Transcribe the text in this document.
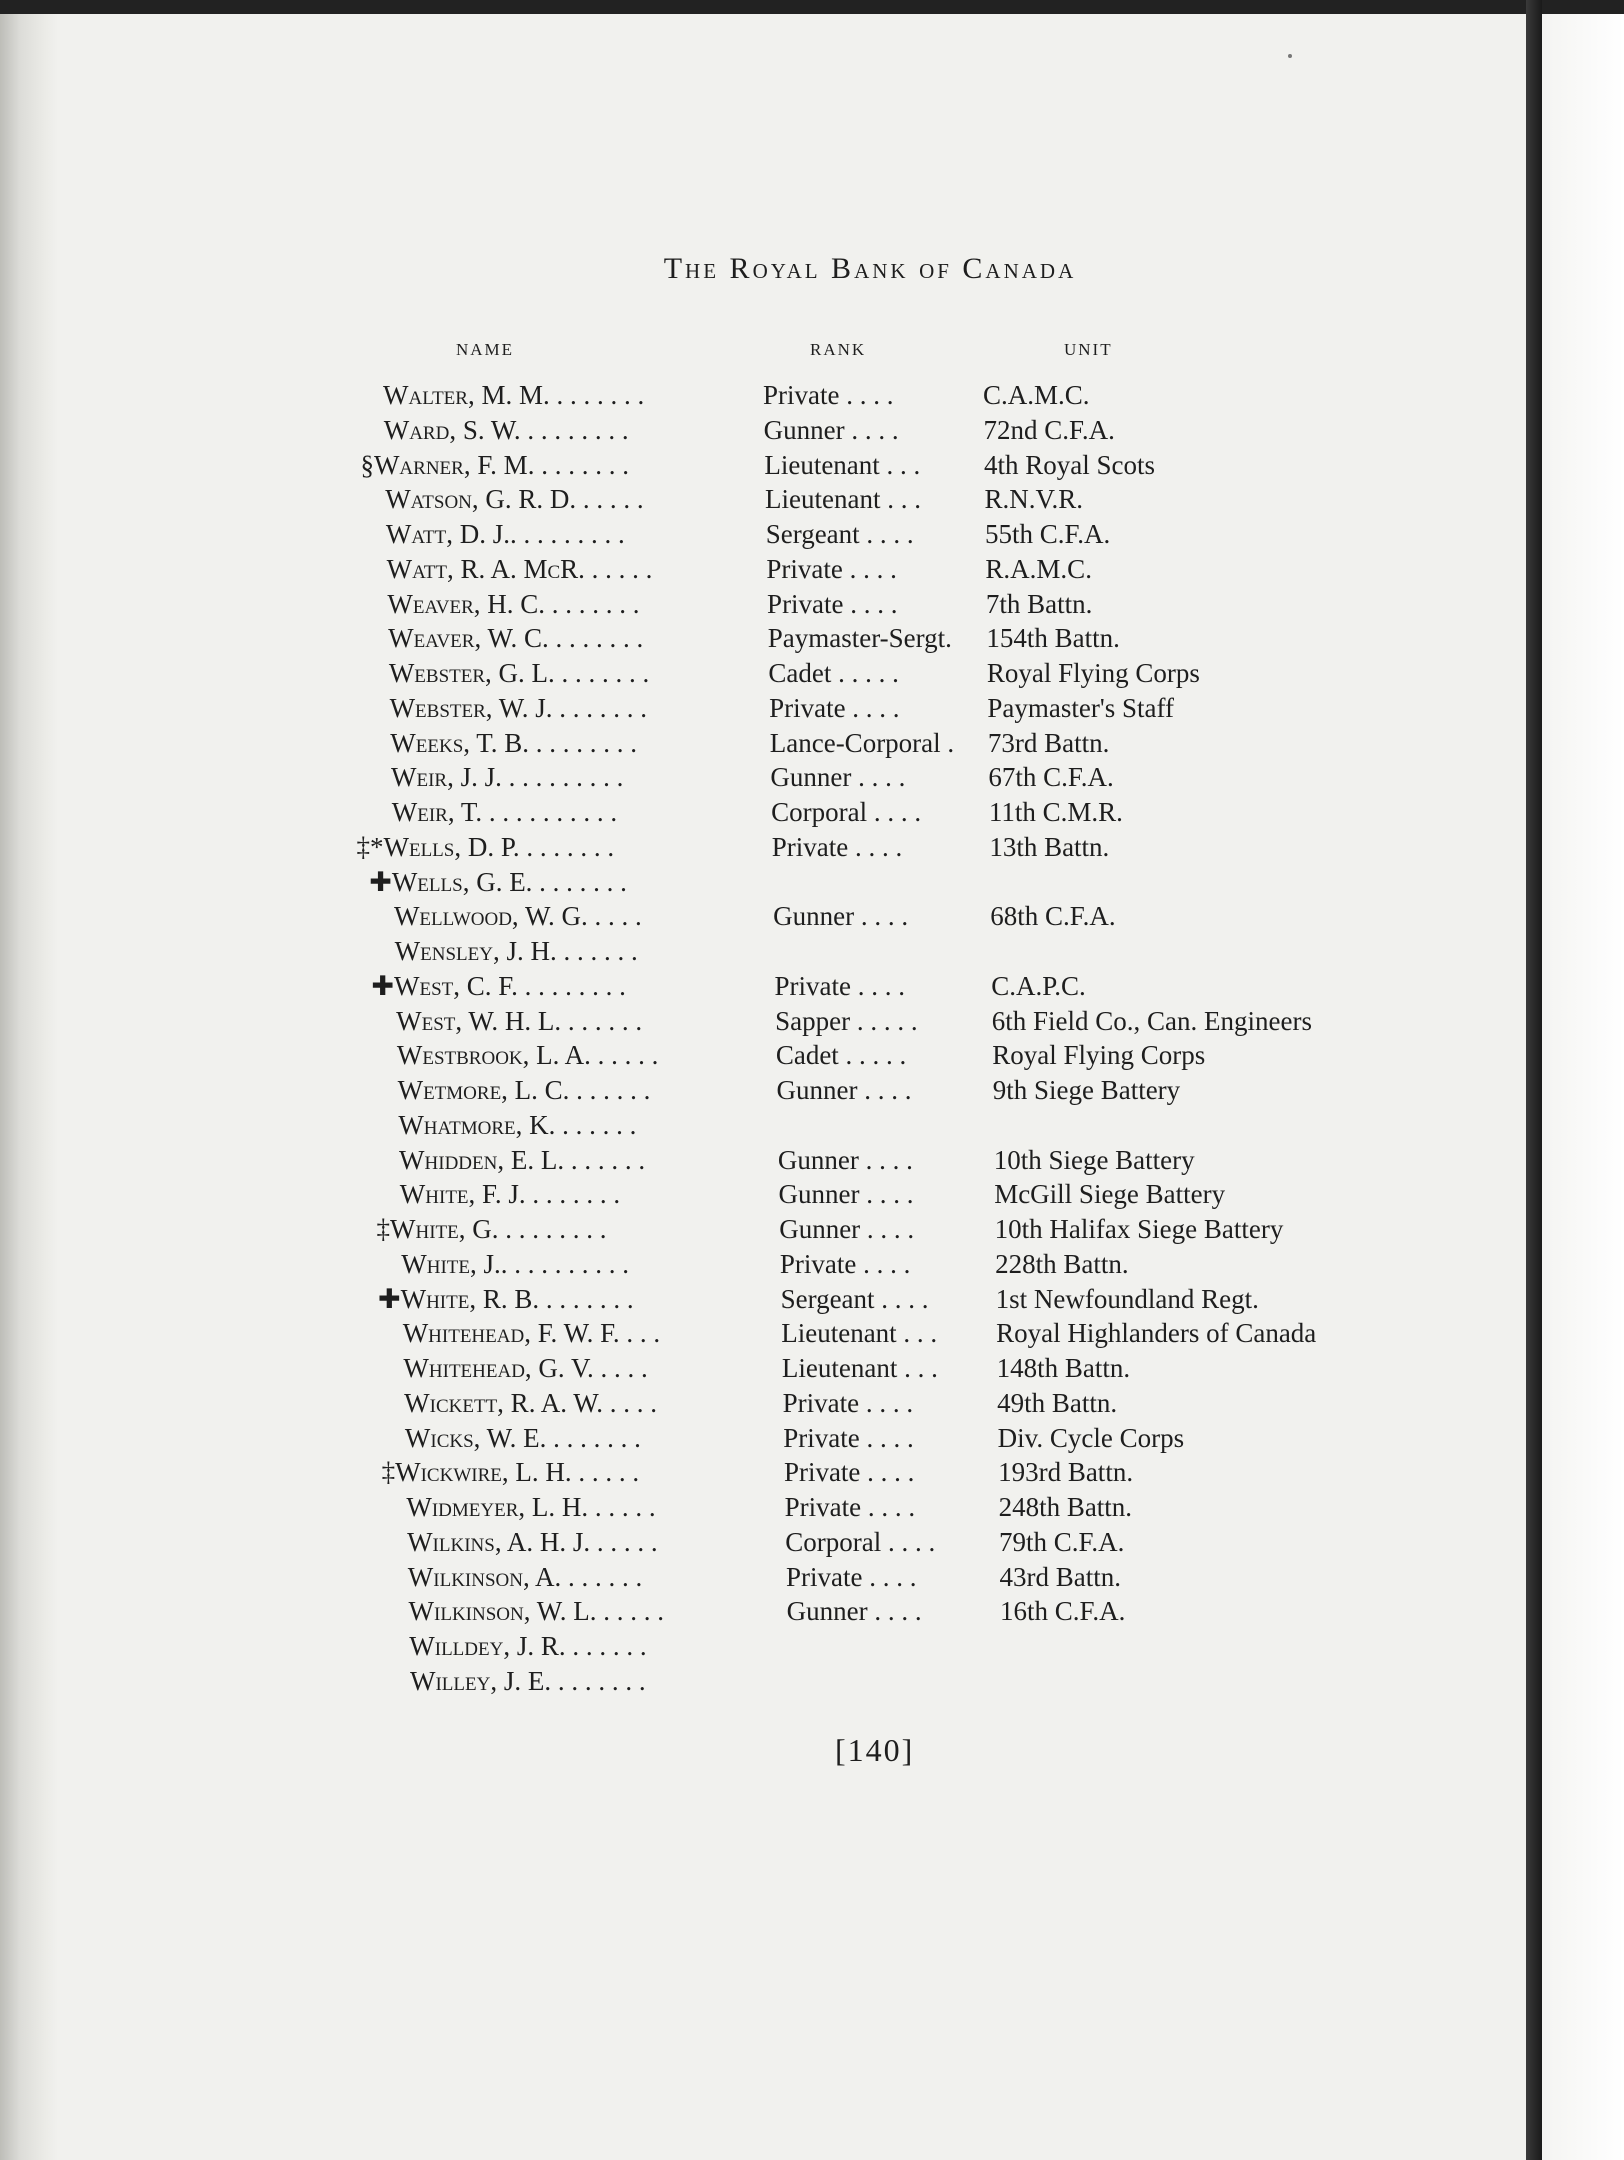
The Royal Bank of Canada
NAME	RANK	UNIT
Walter, M. M. . . . . . . .	Private . . . .	C.A.M.C.
Ward, S. W. . . . . . . . .	Gunner . . . .	72nd C.F.A.
§Warner, F. M. . . . . . . .	Lieutenant . . . 4th Royal Scots
Watson, G. R. D. . . . . .	Lieutenant . . . R.N.V.R.
Watt, D. J.. . . . . . . . .	Sergeant . . . .	55th C.F.A.
Watt, R. A. McR. . . . . .	Private . . . .	R.A.M.C.
Weaver, H. C. . . . . . . .	Private . . . .	7th Battn.
Weaver, W. C. . . . . . . .	Paymaster-Sergt. 154th Battn.
Webster, G. L. . . . . . . .	Cadet . . . . .	Royal Flying Corps
Webster, W. J. . . . . . . .	Private . . . .	Paymaster's Staff
Weeks, T. B. . . . . . . . .	Lance-Corporal . 73rd Battn.
Weir, J. J. . . . . . . . . .	Gunner . . . .	67th C.F.A.
Weir, T. . . . . . . . . . .	Corporal . . . .	11th C.M.R.
‡*Wells, D. P. . . . . . . .	Private . . . .	13th Battn.
✚Wells, G. E. . . . . . . .
Wellwood, W. G. . . . .	Gunner . . . .	68th C.F.A.
Wensley, J. H. . . . . . .
✚West, C. F. . . . . . . . .	Private . . . .	C.A.P.C.
West, W. H. L. . . . . . .	Sapper . . . . .	6th Field Co., Can. Engineers
Westbrook, L. A. . . . . .	Cadet . . . . .	Royal Flying Corps
Wetmore, L. C. . . . . . .	Gunner . . . .	9th Siege Battery
Whatmore, K. . . . . . .
Whidden, E. L. . . . . . .	Gunner . . . .	10th Siege Battery
White, F. J. . . . . . . .	Gunner . . . .	McGill Siege Battery
‡White, G. . . . . . . . .	Gunner . . . .	10th Halifax Siege Battery
White, J.. . . . . . . . . .	Private . . . .	228th Battn.
✚White, R. B. . . . . . . .	Sergeant . . . . 1st Newfoundland Regt.
Whitehead, F. W. F. . . .	Lieutenant . . . Royal Highlanders of Canada
Whitehead, G. V. . . . .	Lieutenant . . . 148th Battn.
Wickett, R. A. W. . . . .	Private . . . .	49th Battn.
Wicks, W. E. . . . . . . .	Private . . . .	Div. Cycle Corps
‡Wickwire, L. H. . . . . .	Private . . . .	193rd Battn.
Widmeyer, L. H. . . . . .	Private . . . .	248th Battn.
Wilkins, A. H. J. . . . . .	Corporal . . . . 79th C.F.A.
Wilkinson, A. . . . . . .	Private . . . .	43rd Battn.
Wilkinson, W. L. . . . . .	Gunner . . . .	16th C.F.A.
Willdey, J. R. . . . . . .
Willey, J. E. . . . . . . .
[140]
